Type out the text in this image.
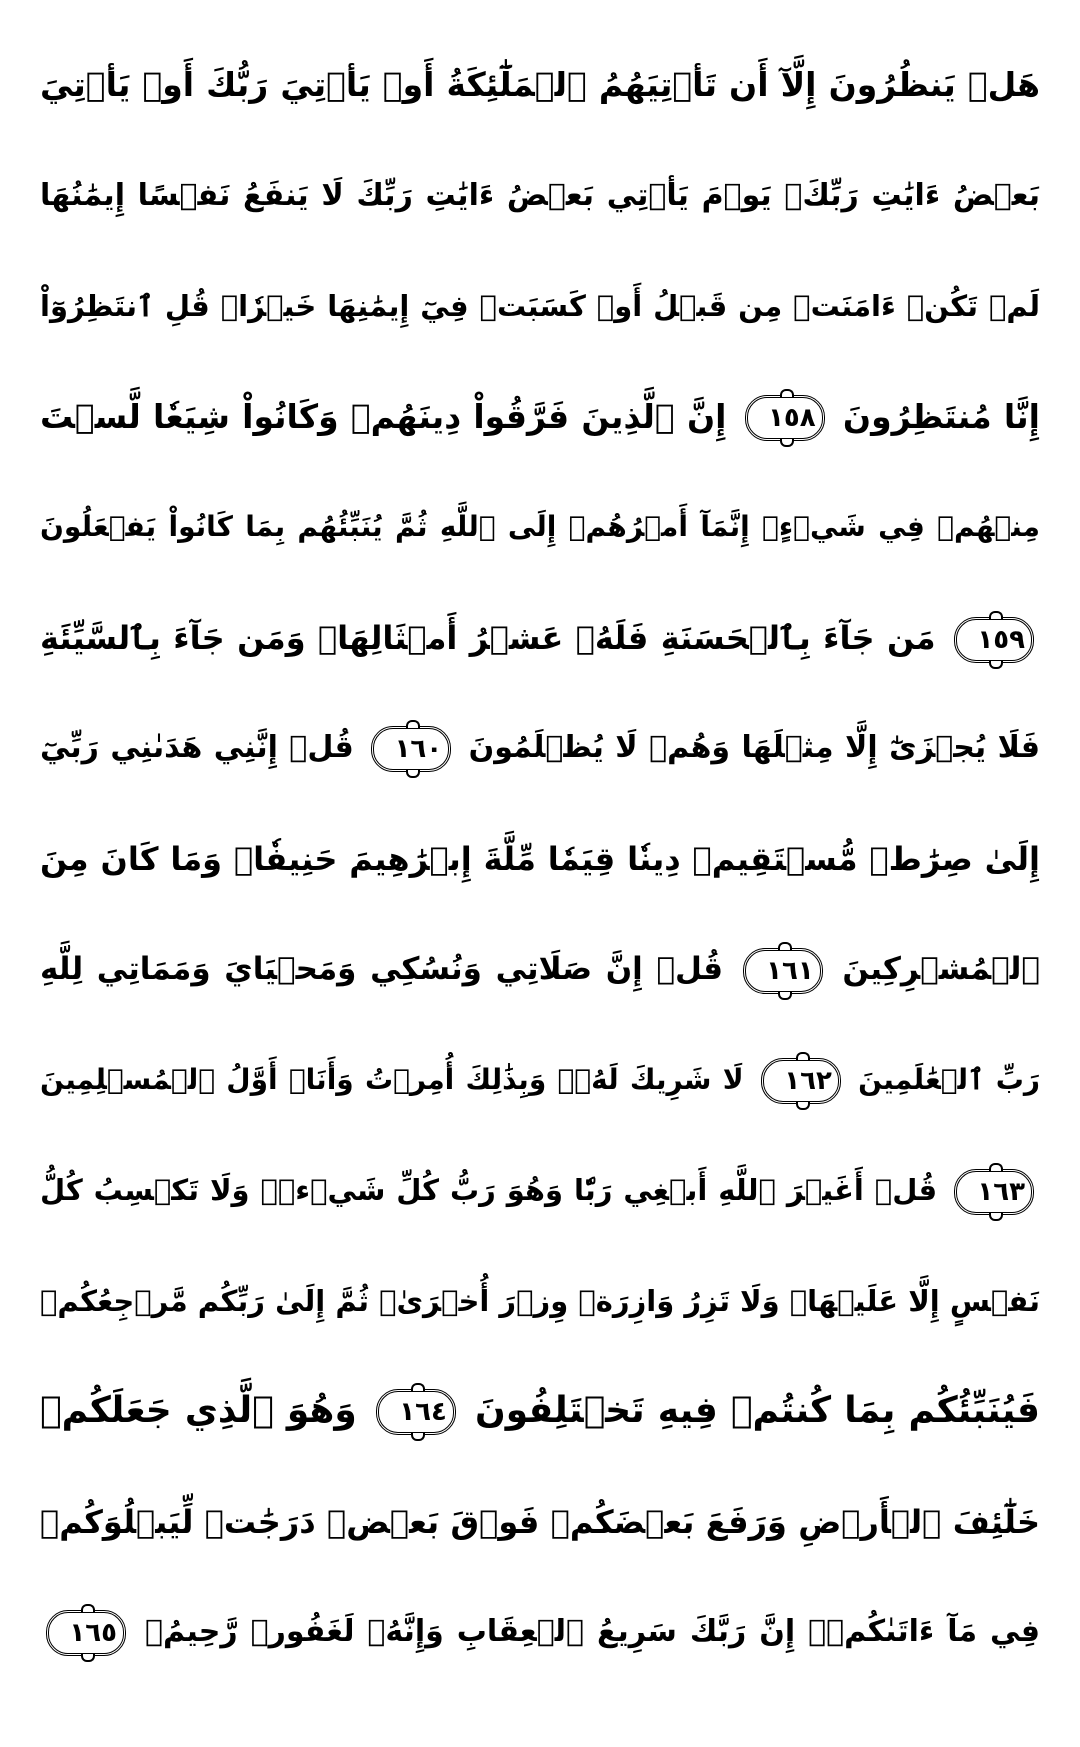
هَلۡ يَنظُرُونَ إِلَّآ أَن تَأۡتِيَهُمُ ٱلۡمَلَٰٓئِكَةُ أَوۡ يَأۡتِيَ رَبُّكَ أَوۡ يَأۡتِيَ
بَعۡضُ ءَايَٰتِ رَبِّكَۗ يَوۡمَ يَأۡتِي بَعۡضُ ءَايَٰتِ رَبِّكَ لَا يَنفَعُ نَفۡسًا إِيمَٰنُهَا
لَمۡ تَكُنۡ ءَامَنَتۡ مِن قَبۡلُ أَوۡ كَسَبَتۡ فِيٓ إِيمَٰنِهَا خَيۡرٗاۗ قُلِ ٱنتَظِرُوٓاْ
إِنَّا مُنتَظِرُونَ ١٥٨ إِنَّ ٱلَّذِينَ فَرَّقُواْ دِينَهُمۡ وَكَانُواْ شِيَعٗا لَّسۡتَ
مِنۡهُمۡ فِي شَيۡءٍۚ إِنَّمَآ أَمۡرُهُمۡ إِلَى ٱللَّهِ ثُمَّ يُنَبِّئُهُم بِمَا كَانُواْ يَفۡعَلُونَ
١٥٩ مَن جَآءَ بِٱلۡحَسَنَةِ فَلَهُۥ عَشۡرُ أَمۡثَالِهَاۖ وَمَن جَآءَ بِٱلسَّيِّئَةِ
فَلَا يُجۡزَىٰٓ إِلَّا مِثۡلَهَا وَهُمۡ لَا يُظۡلَمُونَ ١٦٠ قُلۡ إِنَّنِي هَدَىٰنِي رَبِّيٓ
إِلَىٰ صِرَٰطٖ مُّسۡتَقِيمٖ دِينٗا قِيَمٗا مِّلَّةَ إِبۡرَٰهِيمَ حَنِيفٗاۚ وَمَا كَانَ مِنَ
ٱلۡمُشۡرِكِينَ ١٦١ قُلۡ إِنَّ صَلَاتِي وَنُسُكِي وَمَحۡيَايَ وَمَمَاتِي لِلَّهِ
رَبِّ ٱلۡعَٰلَمِينَ ١٦٢ لَا شَرِيكَ لَهُۥۖ وَبِذَٰلِكَ أُمِرۡتُ وَأَنَا۠ أَوَّلُ ٱلۡمُسۡلِمِينَ
١٦٣ قُلۡ أَغَيۡرَ ٱللَّهِ أَبۡغِي رَبّٗا وَهُوَ رَبُّ كُلِّ شَيۡءٖۚ وَلَا تَكۡسِبُ كُلُّ
نَفۡسٍ إِلَّا عَلَيۡهَاۚ وَلَا تَزِرُ وَازِرَةٞ وِزۡرَ أُخۡرَىٰۚ ثُمَّ إِلَىٰ رَبِّكُم مَّرۡجِعُكُمۡ
فَيُنَبِّئُكُم بِمَا كُنتُمۡ فِيهِ تَخۡتَلِفُونَ ١٦٤ وَهُوَ ٱلَّذِي جَعَلَكُمۡ
خَلَٰٓئِفَ ٱلۡأَرۡضِ وَرَفَعَ بَعۡضَكُمۡ فَوۡقَ بَعۡضٖ دَرَجَٰتٖ لِّيَبۡلُوَكُمۡ
فِي مَآ ءَاتَىٰكُمۡۗ إِنَّ رَبَّكَ سَرِيعُ ٱلۡعِقَابِ وَإِنَّهُۥ لَغَفُورٞ رَّحِيمُۢ ١٦٥
